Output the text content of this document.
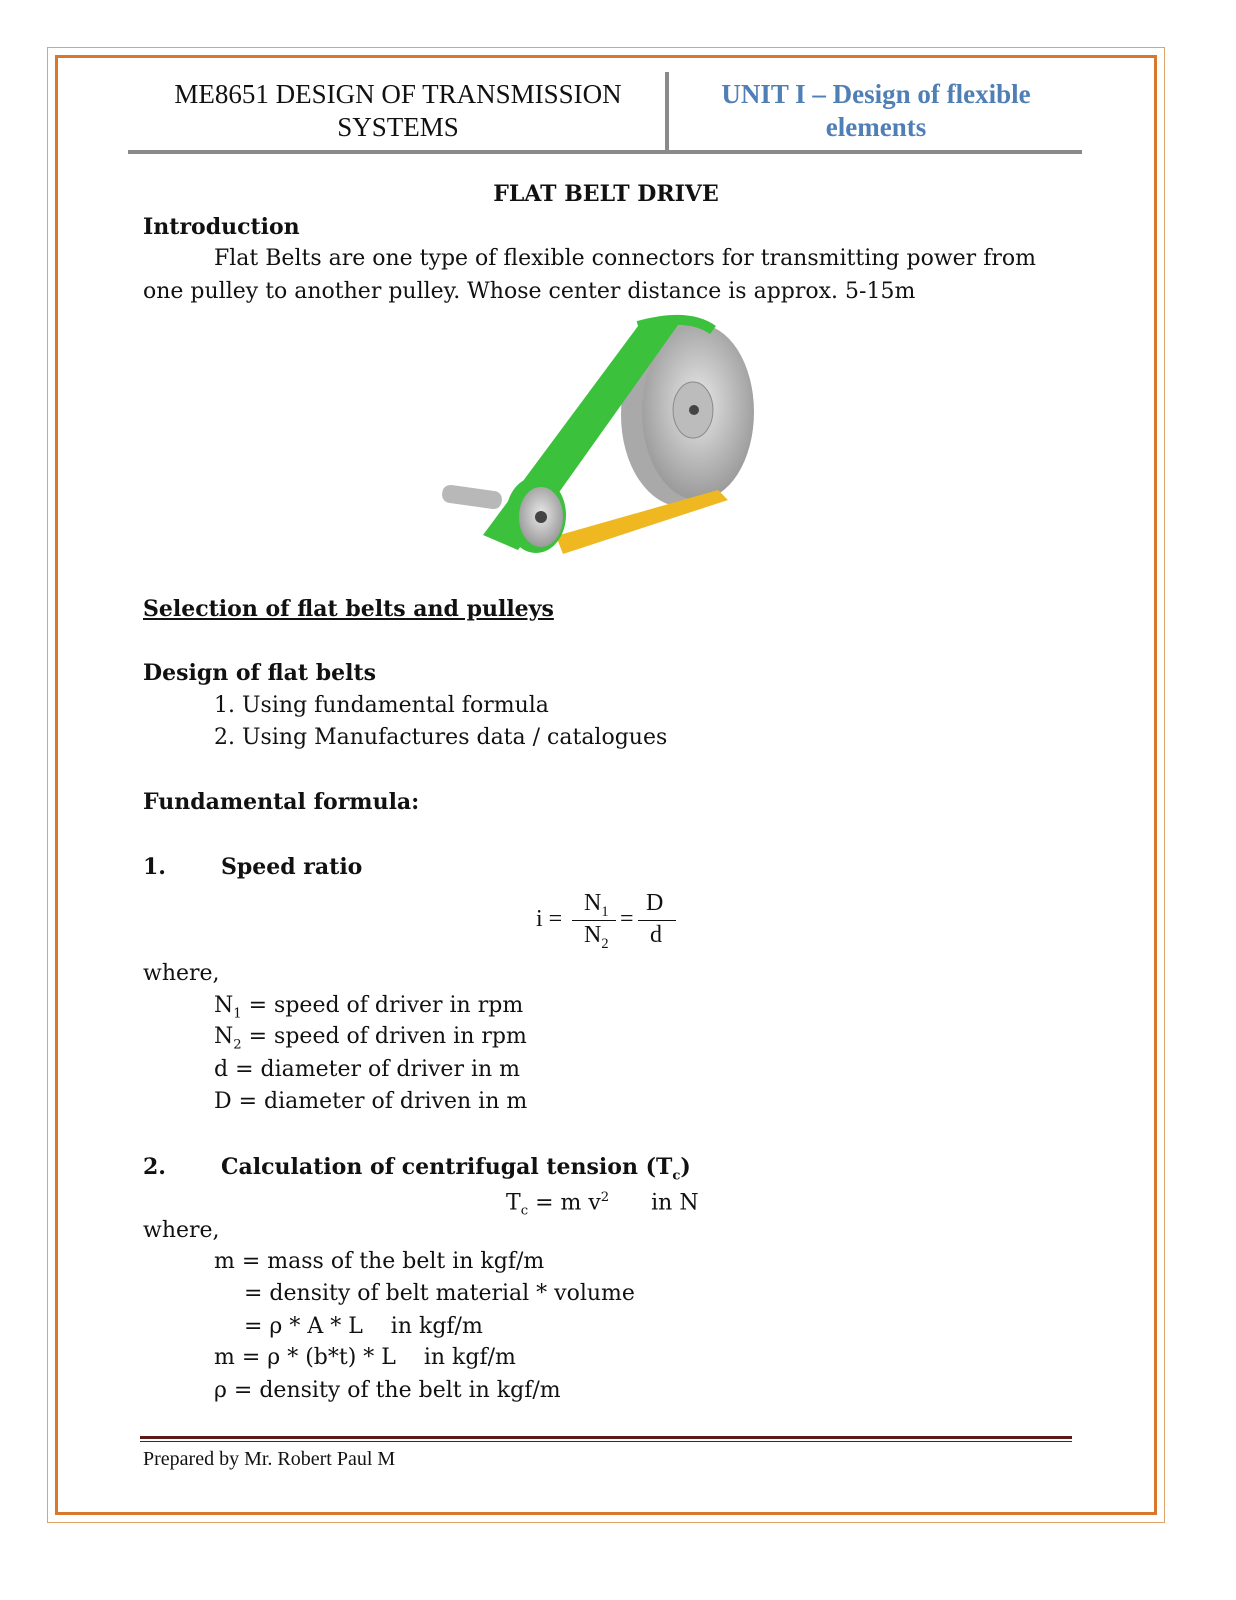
ME8651 DESIGN OF TRANSMISSION
SYSTEMS
UNIT I – Design of flexible
elements
FLAT BELT DRIVE
Introduction
Flat Belts are one type of flexible connectors for transmitting power from
one pulley to another pulley. Whose center distance is approx. 5-15m
Selection of flat belts and pulleys
Design of flat belts
1. Using fundamental formula
2. Using Manufactures data / catalogues
Fundamental formula:
1.	Speed ratio
i =
$N_1$
$N_2$
=
D
d
where,
$N_1$ = speed of driver in rpm
$N_2$ = speed of driven in rpm
d = diameter of driver in m
D = diameter of driven in m
2.	Calculation of centrifugal tension $(T_c)$
$T_c = m$ $v^2$      in N
where,
m = mass of the belt in kgf/m
= density of belt material * volume
= ρ * A * L    in kgf/m
m = ρ * (b*t) * L    in kgf/m
ρ = density of the belt in kgf/m
Prepared by Mr. Robert Paul M
